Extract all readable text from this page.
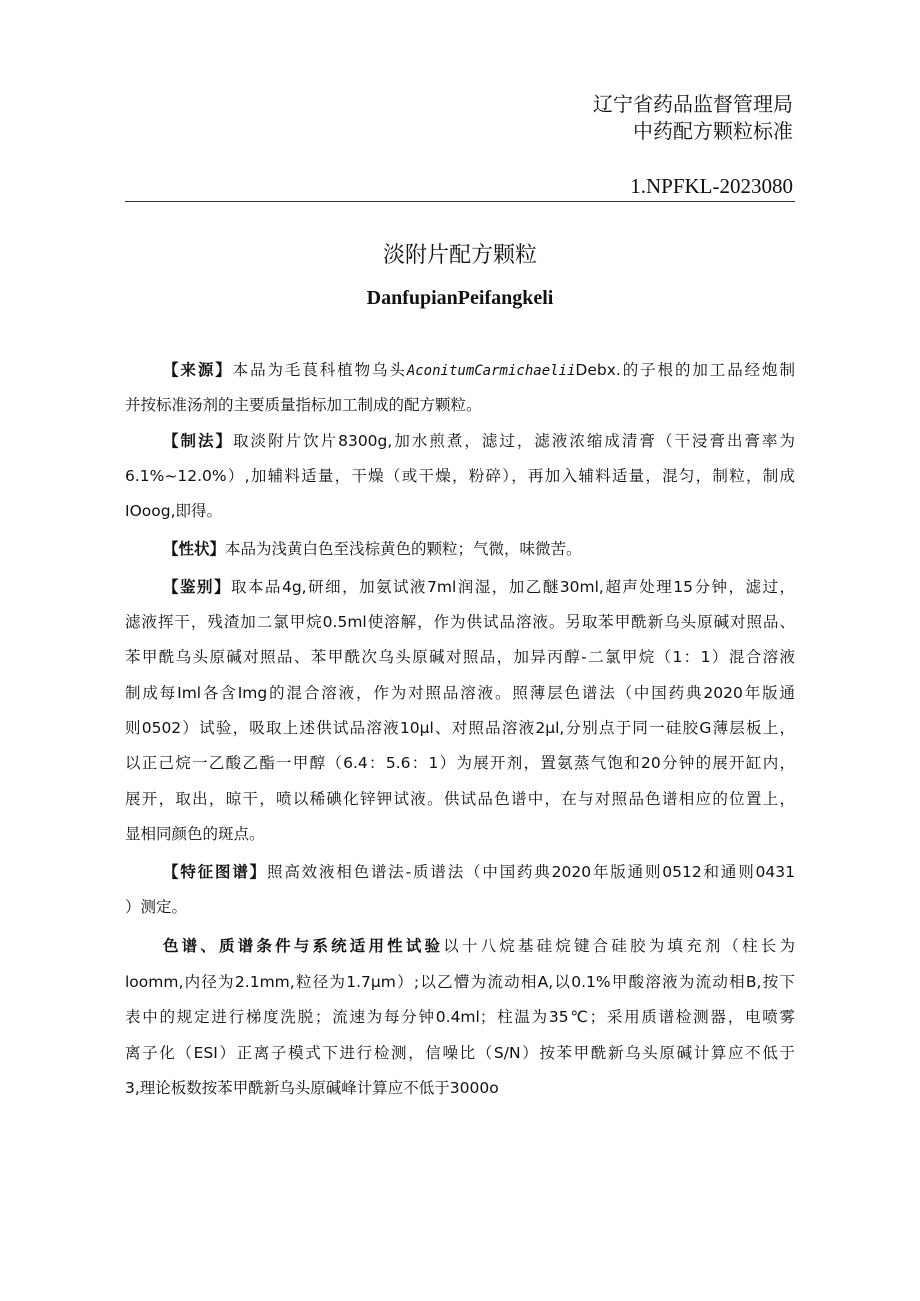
辽宁省药品监督管理局
中药配方颗粒标准
1.NPFKL-2023080
淡附片配方颗粒
DanfupianPeifangkeli
【来源】本品为毛茛科植物乌头AconitumCarmichaeliiDebx.的子根的加工品经炮制
并按标准汤剂的主要质量指标加工制成的配方颗粒。
【制法】取淡附片饮片8300g,加水煎煮，滤过，滤液浓缩成清膏（干浸膏出膏率为
6.1%~12.0%）,加辅料适量，干燥（或干燥，粉碎），再加入辅料适量，混匀，制粒，制成
IOoog,即得。
【性状】本品为浅黄白色至浅棕黄色的颗粒；气微，味微苦。
【鉴别】取本品4g,研细，加氨试液7ml润湿，加乙醚30ml,超声处理15分钟，滤过，
滤液挥干，残渣加二氯甲烷0.5ml使溶解，作为供试品溶液。另取苯甲酰新乌头原碱对照品、
苯甲酰乌头原碱对照品、苯甲酰次乌头原碱对照品，加异丙醇-二氯甲烷（1：1）混合溶液
制成每Iml各含Img的混合溶液，作为对照品溶液。照薄层色谱法（中国药典2020年版通
则0502）试验，吸取上述供试品溶液10μl、对照品溶液2μl,分别点于同一硅胶G薄层板上，
以正己烷一乙酸乙酯一甲醇（6.4：5.6：1）为展开剂，置氨蒸气饱和20分钟的展开缸内，
展开，取出，晾干，喷以稀碘化锌钾试液。供试品色谱中，在与对照品色谱相应的位置上，
显相同颜色的斑点。
【特征图谱】照高效液相色谱法-质谱法（中国药典2020年版通则0512和通则0431
）测定。
色谱、质谱条件与系统适用性试验以十八烷基硅烷键合硅胶为填充剂（柱长为
loomm,内径为2.1mm,粒径为1.7μm）;以乙懵为流动相A,以0.1%甲酸溶液为流动相B,按下
表中的规定进行梯度洗脱；流速为每分钟0.4ml；柱温为35℃；采用质谱检测器，电喷雾
离子化（ESI）正离子模式下进行检测，信噪比（S/N）按苯甲酰新乌头原碱计算应不低于
3,理论板数按苯甲酰新乌头原碱峰计算应不低于3000o
